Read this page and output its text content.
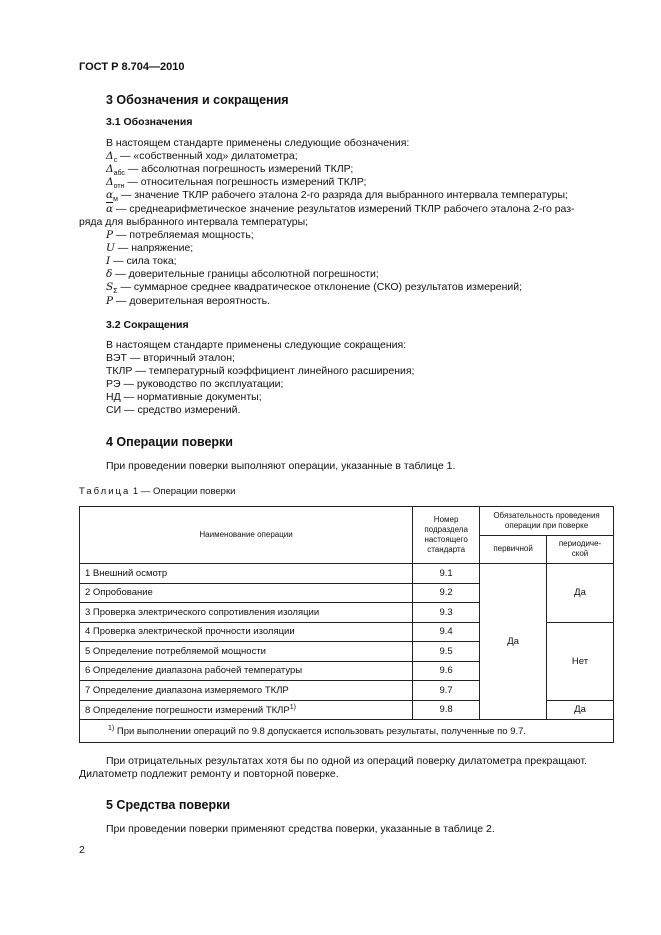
ГОСТ Р 8.704—2010
3 Обозначения и сокращения
3.1 Обозначения
В настоящем стандарте применены следующие обозначения:
$\Delta_с$ — «собственный ход» дилатометра;
$\Delta_{абс}$ — абсолютная погрешность измерений ТКЛР;
$\Delta_{отн}$ — относительная погрешность измерений ТКЛР;
$\alpha_м$ — значение ТКЛР рабочего эталона 2-го разряда для выбранного интервала температуры;
$\overline{\alpha}$ — среднеарифметическое значение результатов измерений ТКЛР рабочего эталона 2-го раз-
ряда для выбранного интервала температуры;
P — потребляемая мощность;
U — напряжение;
I — сила тока;
δ — доверительные границы абсолютной погрешности;
$S_\Sigma$ — суммарное среднее квадратическое отклонение (СКО) результатов измерений;
P — доверительная вероятность.
3.2 Сокращения
В настоящем стандарте применены следующие сокращения:
ВЭТ — вторичный эталон;
ТКЛР — температурный коэффициент линейного расширения;
РЭ — руководство по эксплуатации;
НД — нормативные документы;
СИ — средство измерений.
4 Операции поверки
При проведении поверки выполняют операции, указанные в таблице 1.
Таблица 1 — Операции поверки
Наименование операции	Номер подраздела настоящего стандарта	Обязательность проведения операции при поверке	
		первичной	периодиче-ской
1 Внешний осмотр	9.1	Да	Да
2 Опробование	9.2		
3 Проверка электрического сопротивления изоляции	9.3		
4 Проверка электрической прочности изоляции	9.4		Нет
5 Определение потребляемой мощности	9.5		
6 Определение диапазона рабочей температуры	9.6		
7 Определение диапазона измеряемого ТКЛР	9.7		
8 Определение погрешности измерений ТКЛР$^{1)}$	9.8		Да
$^{1)}$ При выполнении операций по 9.8 допускается использовать результаты, полученные по 9.7.			
При отрицательных результатах хотя бы по одной из операций поверку дилатометра прекращают.
Дилатометр подлежит ремонту и повторной поверке.
5 Средства поверки
При проведении поверки применяют средства поверки, указанные в таблице 2.
2
